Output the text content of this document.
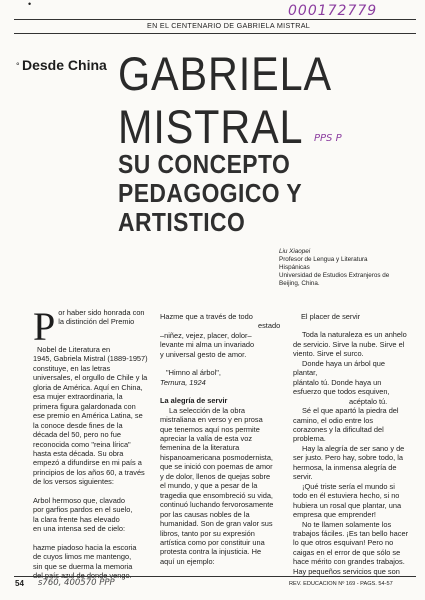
•	000172779
EN EL CENTENARIO DE GABRIELA MISTRAL
° Desde China GABRIELA
MISTRAL PPS P
SU CONCEPTO
PEDAGOGICO Y
ARTISTICO
Liu Xiaopei
Profesor de Lengua y Literatura
Hispánicas
Universidad de Estudios Extranjeros de
Beijing, China.
P or haber sido honrada con

la distinción del Premio

Nobel de Literatura en

1945, Gabriela Mistral (1889-1957)

constituye, en las letras

universales, el orgullo de Chile y la

gloria de América. Aquí en China,

esa mujer extraordinaria, la

primera figura galardonada con

ese premio en América Latina, se

la conoce desde fines de la

década del 50, pero no fue

reconocida como "reina lírica"

hasta esta década. Su obra

empezó a difundirse en mi país a

principios de los años 60, a través

de los versos siguientes:

Arbol hermoso que, clavado

por garfios pardos en el suelo,

la clara frente has elevado

en una intensa sed de cielo:

hazme piadoso hacia la escoria

de cuyos limos me mantengo,

sin que se duerma la memoria

del país azul de donde vengo.

Hazme que a través de todo

estado

–niñez, vejez, placer, dolor–

levante mi alma un invariado

y universal gesto de amor.

"Himno al árbol",

Ternura, 1924

La alegría de servir

La selección de la obra

mistraliana en verso y en prosa

que tenemos aquí nos permite

apreciar la valía de esta voz

femenina de la literatura

hispanoamericana posmodernista,

que se inició con poemas de amor

y de dolor, llenos de quejas sobre

el mundo, y que a pesar de la

tragedia que ensombreció su vida,

continuó luchando fervorosamente

por las causas nobles de la

humanidad. Son de gran valor sus

libros, tanto por su expresión

artística como por constituir una

protesta contra la injusticia. He

aquí un ejemplo:

El placer de servir

Toda la naturaleza es un anhelo

de servicio. Sirve la nube. Sirve el

viento. Sirve el surco.

Donde haya un árbol que plantar,

plántalo tú. Donde haya un

esfuerzo que todos esquiven,

acéptalo tú.

Sé el que apartó la piedra del

camino, el odio entre los

corazones y la dificultad del

problema.

Hay la alegría de ser sano y de

ser justo. Pero hay, sobre todo, la

hermosa, la inmensa alegría de

servir.

¡Qué triste sería el mundo si

todo en él estuviera hecho, si no

hubiera un rosal que plantar, una

empresa que emprender!

No te llamen solamente los

trabajos fáciles. ¡Es tan bello hacer

lo que otros esquivan! Pero no

caigas en el error de que sólo se

hace mérito con grandes trabajos.

Hay pequeños servicios que son

54 s760, 400570 PPP	REV. EDUCACION Nº 169 - PAGS. 54-57
